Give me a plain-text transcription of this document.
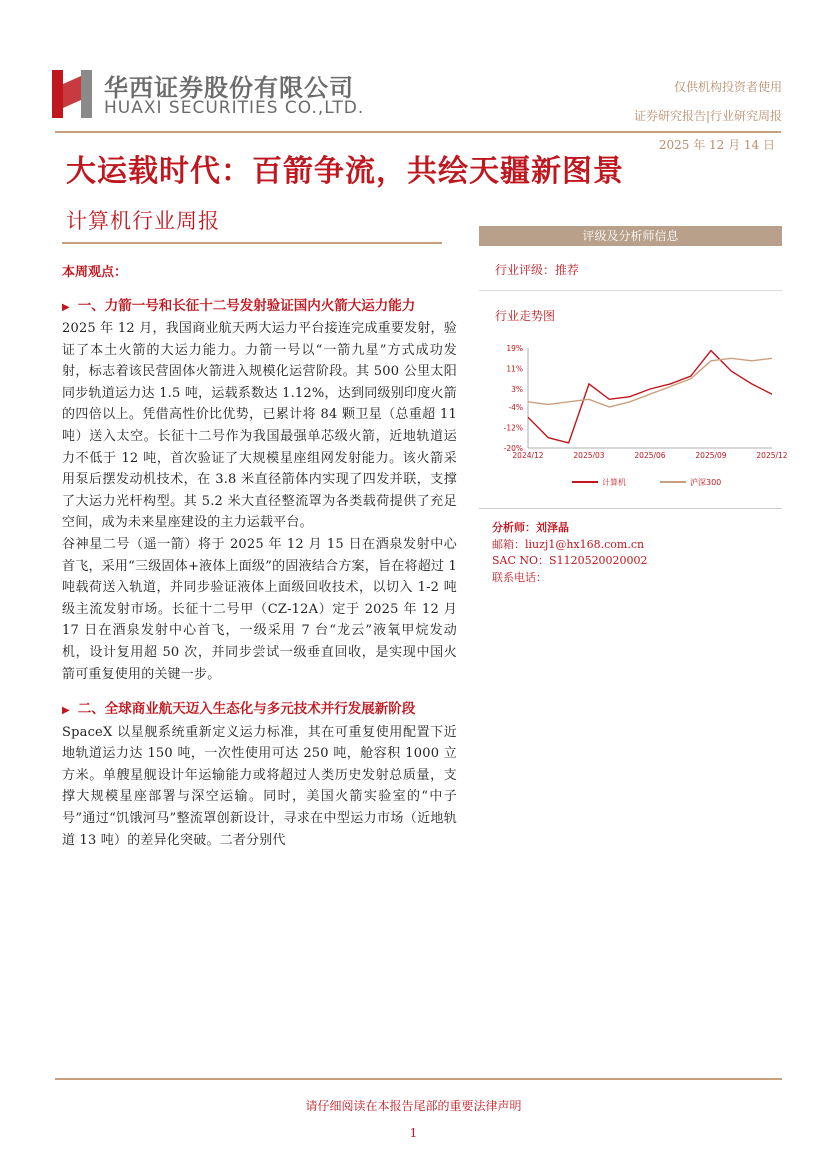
华西证券股份有限公司
HUAXI SECURITIES CO.,LTD.
仅供机构投资者使用
证券研究报告|行业研究周报
2025 年 12 月 14 日
大运载时代：百箭争流，共绘天疆新图景
计算机行业周报
本周观点：
▶ 一、力箭一号和长征十二号发射验证国内火箭大运力能力
2025 年 12 月，我国商业航天两大运力平台接连完成重要发射，验证了本土火箭的大运力能力。力箭一号以“一箭九星”方式成功发射，标志着该民营固体火箭进入规模化运营阶段。其 500 公里太阳同步轨道运力达 1.5 吨，运载系数达 1.12%，达到同级别印度火箭的四倍以上。凭借高性价比优势，已累计将 84 颗卫星（总重超 11 吨）送入太空。长征十二号作为我国最强单芯级火箭，近地轨道运力不低于 12 吨，首次验证了大规模星座组网发射能力。该火箭采用泵后摆发动机技术，在 3.8 米直径箭体内实现了四发并联，支撑了大运力光杆构型。其 5.2 米大直径整流罩为各类载荷提供了充足空间，成为未来星座建设的主力运载平台。
谷神星二号（遥一箭）将于 2025 年 12 月 15 日在酒泉发射中心首飞，采用“三级固体+液体上面级”的固液结合方案，旨在将超过 1 吨载荷送入轨道，并同步验证液体上面级回收技术，以切入 1-2 吨级主流发射市场。长征十二号甲（CZ-12A）定于 2025 年 12 月 17 日在酒泉发射中心首飞，一级采用 7 台“龙云”液氧甲烷发动机，设计复用超 50 次，并同步尝试一级垂直回收，是实现中国火箭可重复使用的关键一步。
▶ 二、全球商业航天迈入生态化与多元技术并行发展新阶段
SpaceX 以星舰系统重新定义运力标准，其在可重复使用配置下近地轨道运力达 150 吨，一次性使用可达 250 吨，舱容积 1000 立方米。单艘星舰设计年运输能力或将超过人类历史发射总质量，支撑大规模星座部署与深空运输。同时，美国火箭实验室的“中子号”通过“饥饿河马”整流罩创新设计，寻求在中型运力市场（近地轨道 13 吨）的差异化突破。二者分别代
评级及分析师信息
行业评级：推荐
行业走势图
19%
11%
3%
-4%
-12%
-20%
2024/12	2025/03	2025/06	2025/09	2025/12
计算机	沪深300
分析师：刘泽晶
邮箱：liuzj1@hx168.com.cn
SAC NO：S1120520020002
联系电话：
请仔细阅读在本报告尾部的重要法律声明
1
